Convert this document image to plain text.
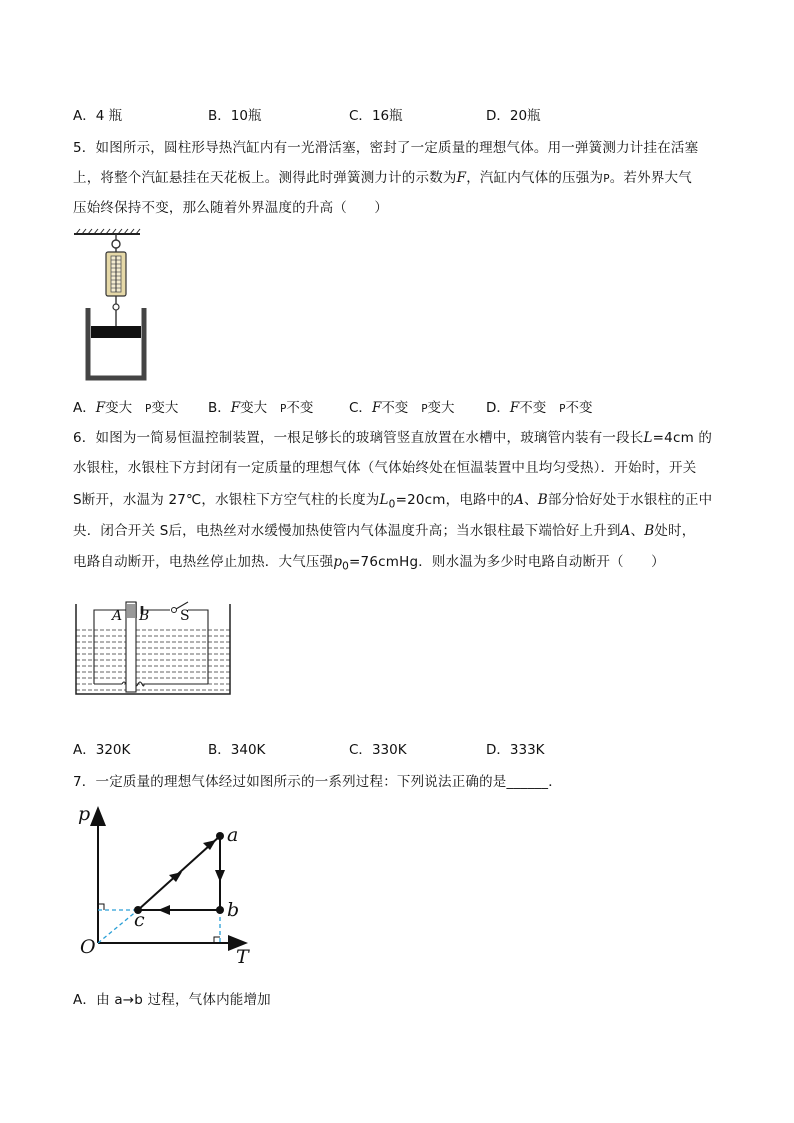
A．4 瓶	B．10瓶	C．16瓶	D．20瓶
5．如图所示，圆柱形导热汽缸内有一光滑活塞，密封了一定质量的理想气体。用一弹簧测力计挂在活塞
上，将整个汽缸悬挂在天花板上。测得此时弹簧测力计的示数为F，汽缸内气体的压强为P。若外界大气
压始终保持不变，那么随着外界温度的升高（　　）
A．F变大 P变大 B．F变大 P不变	C．F不变 P变大 D．F不变 P不变
6．如图为一简易恒温控制装置，一根足够长的玻璃管竖直放置在水槽中，玻璃管内装有一段长L=4cm 的
水银柱，水银柱下方封闭有一定质量的理想气体（气体始终处在恒温装置中且均匀受热）．开始时，开关
S断开，水温为 27℃，水银柱下方空气柱的长度为$L_0=20cm$，电路中的A、B部分恰好处于水银柱的正中
央．闭合开关 S后，电热丝对水缓慢加热使管内气体温度升高；当水银柱最下端恰好上升到A、B处时，
电路自动断开，电热丝停止加热．大气压强$p_0=76cmHg$．则水温为多少时电路自动断开（　　）
A B S
A．320K	B．340K	C．330K	D．333K
7．一定质量的理想气体经过如图所示的一系列过程：下列说法正确的是______．
p
T
O
a
b
c
A．由 a→b 过程，气体内能增加
